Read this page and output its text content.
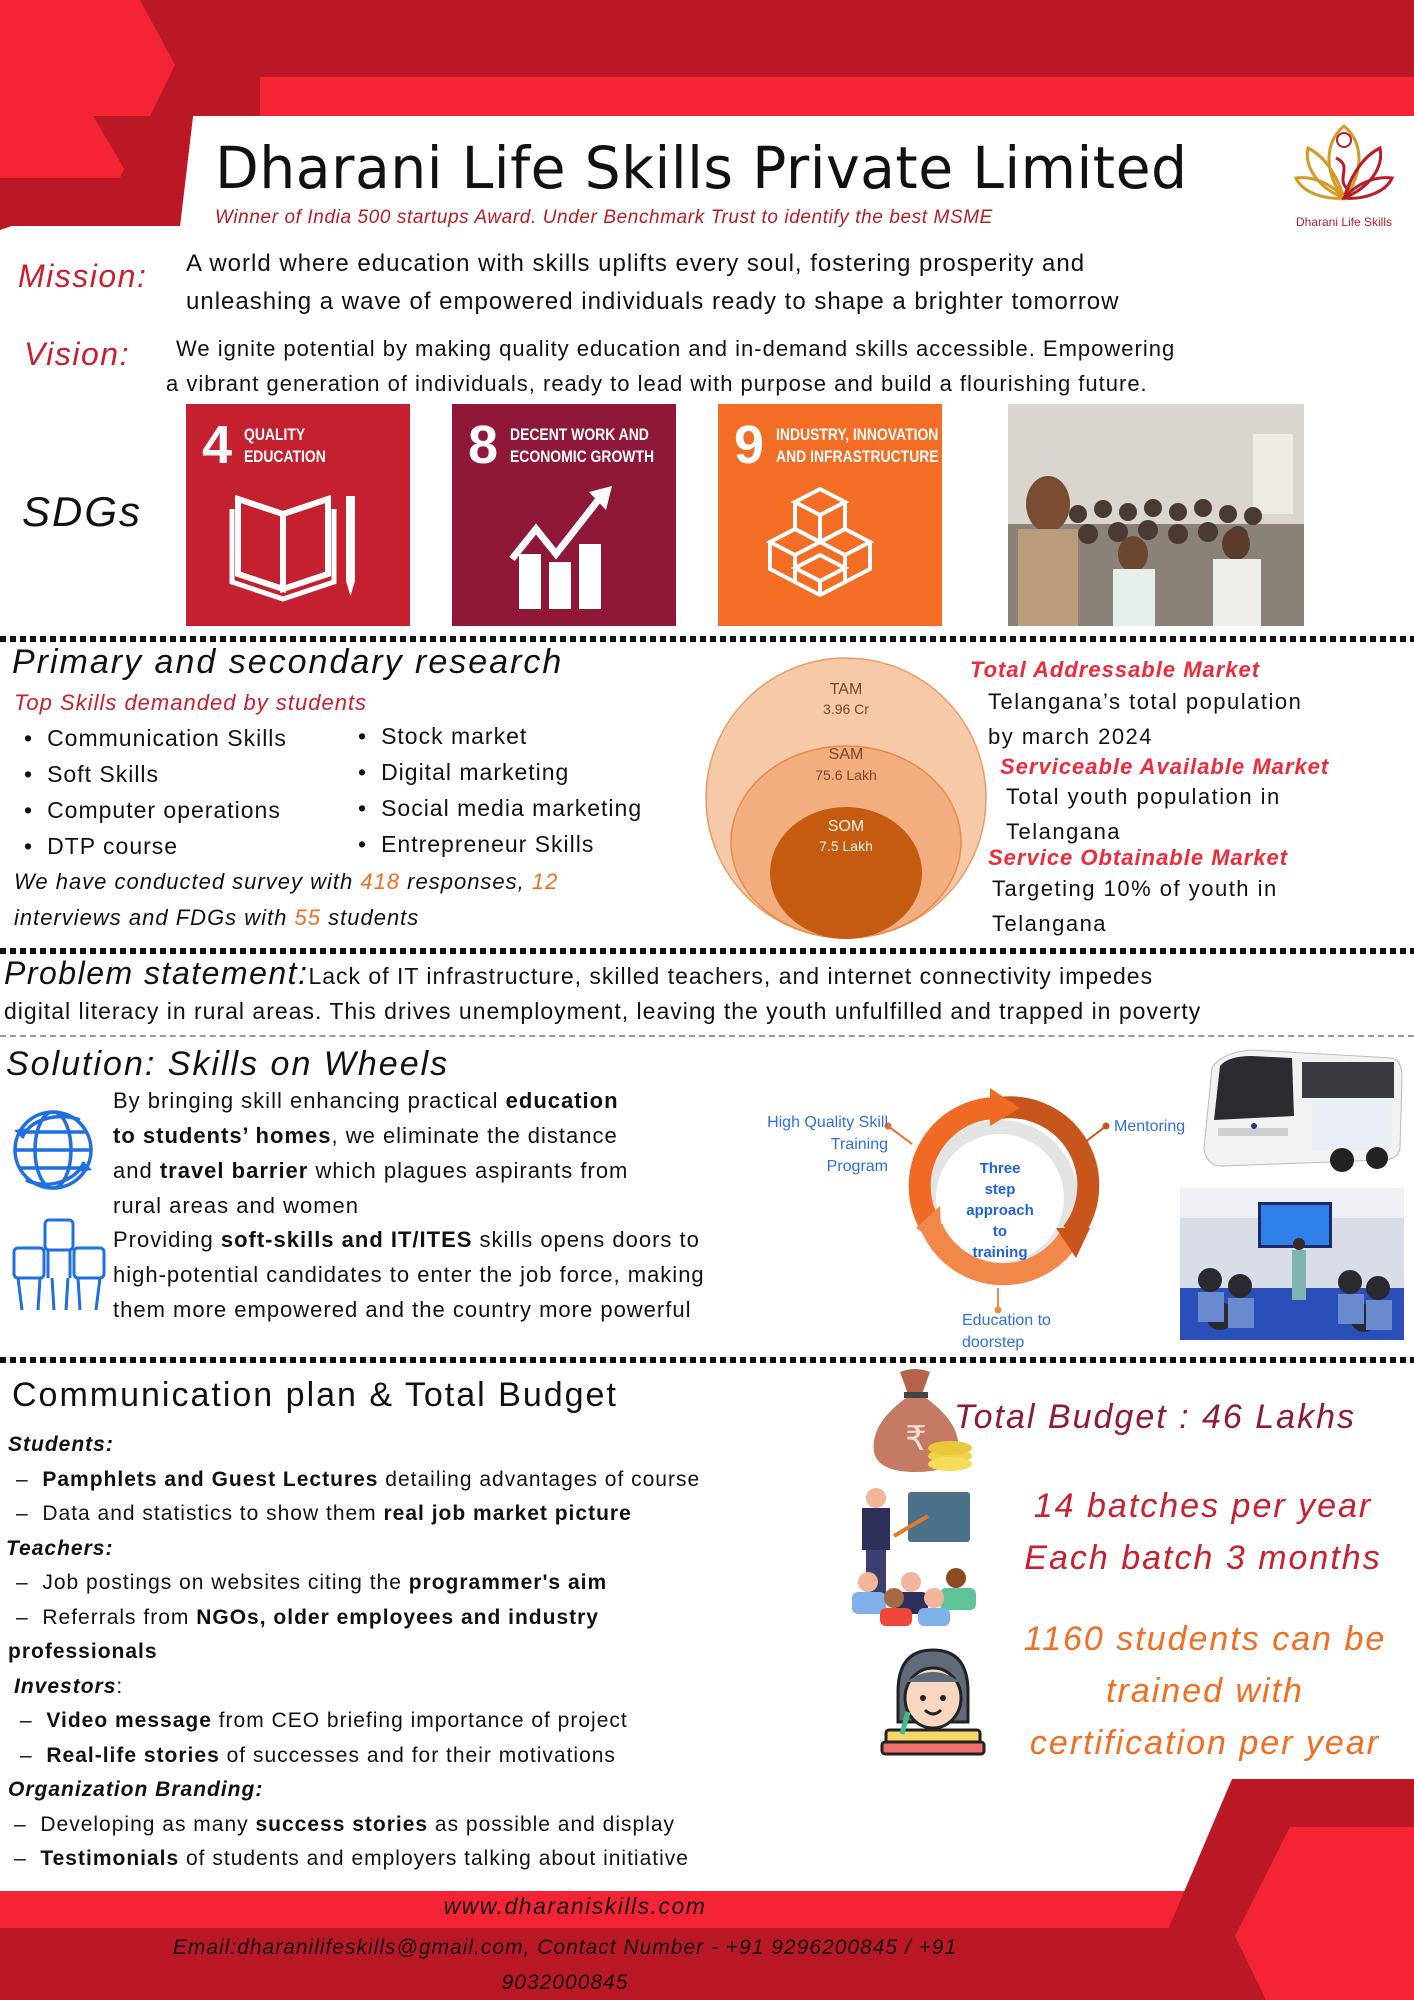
Dharani Life Skills Private Limited
Winner of India 500 startups Award. Under Benchmark Trust to identify the best MSME	Dharani Life Skills
Mission: A world where education with skills uplifts every soul, fostering prosperity and
unleashing a wave of empowered individuals ready to shape a brighter tomorrow
Vision:	We ignite potential by making quality education and in-demand skills accessible. Empowering
a vibrant generation of individuals, ready to lead with purpose and build a flourishing future.
SDGs
4 QUALITY
EDUCATION	8 DECENT WORK AND
ECONOMIC GROWTH 9 INDUSTRY, INNOVATION
AND INFRASTRUCTURE
Primary and secondary research
Top Skills demanded by students
• Communication Skills
• Soft Skills
• Computer operations
• DTP course
• Stock market
• Digital marketing
• Social media marketing
• Entrepreneur Skills
We have conducted survey with 418 responses, 12
interviews and FDGs with 55 students
TAM
3.96 Cr
SAM
75.6 Lakh
SOM
7.5 Lakh
Total Addressable Market
Telangana’s total population
by march 2024
Serviceable Available Market
Total youth population in
Telangana
Service Obtainable Market
Targeting 10% of youth in
Telangana
Problem statement:Lack of IT infrastructure, skilled teachers, and internet connectivity impedes
digital literacy in rural areas. This drives unemployment, leaving the youth unfulfilled and trapped in poverty
Solution: Skills on Wheels
By bringing skill enhancing practical education
to students’ homes, we eliminate the distance
and travel barrier which plagues aspirants from
rural areas and women
Providing soft-skills and IT/ITES skills opens doors to
high-potential candidates to enter the job force, making
them more empowered and the country more powerful
Three
step
approach
to
training
High Quality Skill
Training
Program
Mentoring
Education to
doorstep
Communication plan & Total Budget
Students:
– Pamphlets and Guest Lectures detailing advantages of course
– Data and statistics to show them real job market picture
Teachers:
– Job postings on websites citing the programmer's aim
– Referrals from NGOs, older employees and industry
professionals
Investors:
– Video message from CEO briefing importance of project
– Real-life stories of successes and for their motivations
Organization Branding:
– Developing as many success stories as possible and display
– Testimonials of students and employers talking about initiative
₹
Total Budget : 46 Lakhs
14 batches per year
Each batch 3 months
1160 students can be
trained with
certification per year
www.dharaniskills.com
Email:dharanilifeskills@gmail.com, Contact Number - +91 9296200845 / +91
9032000845
